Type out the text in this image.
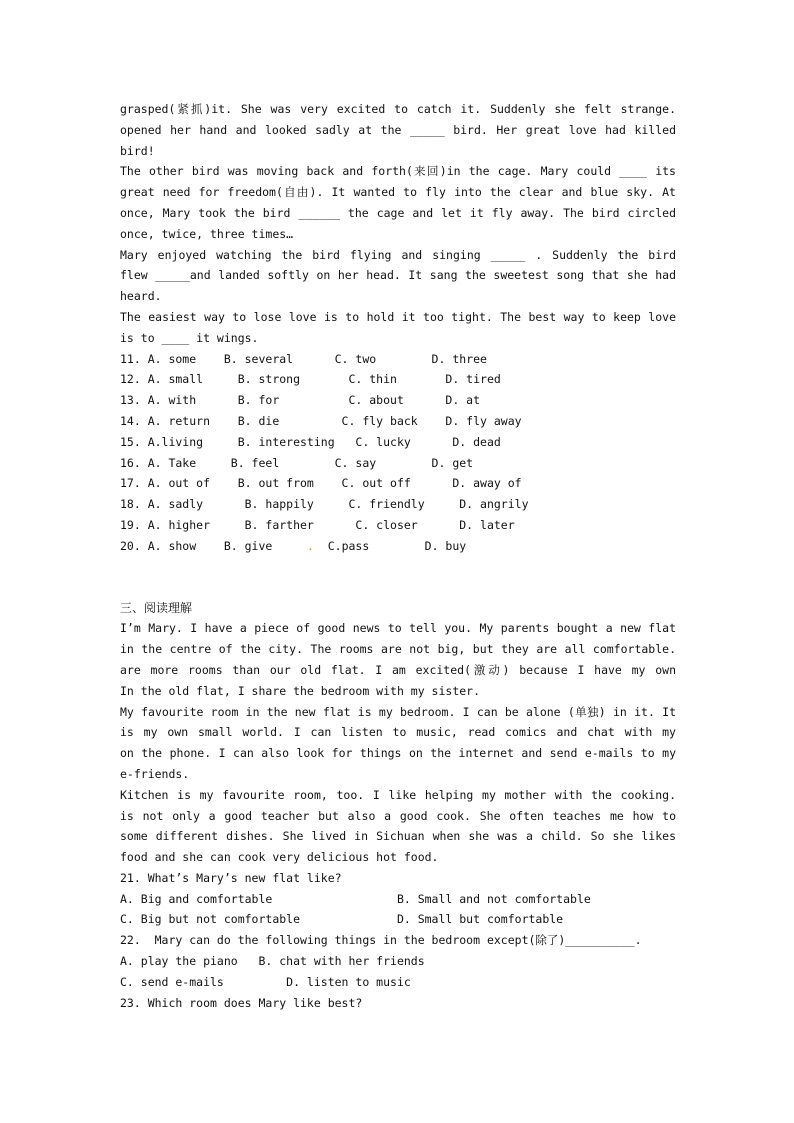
grasped(紧抓)it. She was very excited to catch it. Suddenly she felt strange.
opened her hand and looked sadly at the _____ bird. Her great love had killed
bird!
The other bird was moving back and forth(来回)in the cage. Mary could ____ its
great need for freedom(自由). It wanted to fly into the clear and blue sky. At
once, Mary took the bird ______ the cage and let it fly away. The bird circled
once, twice, three times…
Mary enjoyed watching the bird flying and singing _____ . Suddenly the bird
flew _____and landed softly on her head. It sang the sweetest song that she had
heard.
The easiest way to lose love is to hold it too tight. The best way to keep love
is to ____ it wings.
11. A. some    B. several      C. two        D. three
12. A. small     B. strong       C. thin       D. tired
13. A. with      B. for          C. about      D. at
14. A. return    B. die         C. fly back    D. fly away
15. A.living     B. interesting   C. lucky      D. dead
16. A. Take     B. feel        C. say        D. get
17. A. out of    B. out from    C. out off      D. away of
18. A. sadly      B. happily     C. friendly     D. angrily
19. A. higher     B. farther      C. closer      D. later
20. A. show    B. give     .  C.pass        D. buy
三、阅读理解
I’m Mary. I have a piece of good news to tell you. My parents bought a new flat
in the centre of the city. The rooms are not big, but they are all comfortable.
are more rooms than our old flat. I am excited(激动) because I have my own
In the old flat, I share the bedroom with my sister.
My favourite room in the new flat is my bedroom. I can be alone (单独) in it. It
is my own small world. I can listen to music, read comics and chat with my
on the phone. I can also look for things on the internet and send e-mails to my
e-friends.
Kitchen is my favourite room, too. I like helping my mother with the cooking.
is not only a good teacher but also a good cook. She often teaches me how to
some different dishes. She lived in Sichuan when she was a child. So she likes
food and she can cook very delicious hot food.
21. What’s Mary’s new flat like?
A. Big and comfortable                  B. Small and not comfortable
C. Big but not comfortable              D. Small but comfortable
22.  Mary can do the following things in the bedroom except(除了)__________.
A. play the piano   B. chat with her friends
C. send e-mails         D. listen to music
23. Which room does Mary like best?
